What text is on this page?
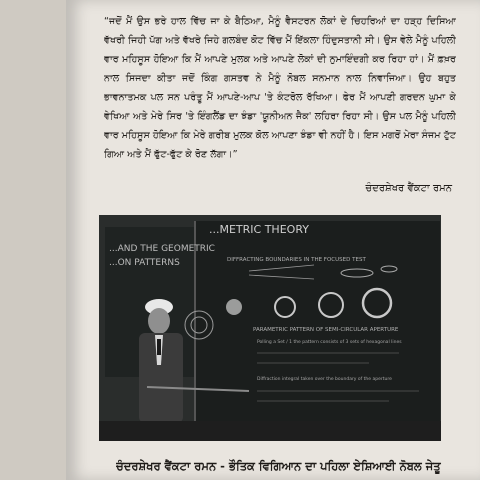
“ਜਦੋਂ ਮੈਂ ਉਸ ਭਰੇ ਹਾਲ ਵਿੱਚ ਜਾ ਕੇ ਬੈਠਿਆ, ਮੈਨੂੰ ਵੈਸਟਰਨ ਲੋਕਾਂ ਦੇ ਚਿਹਰਿਆਂ ਦਾ ਹੜ੍ਹ ਦਿਸਿਆ ਵੱਖਰੀ ਜਿਹੀ ਪੱਗ ਅਤੇ ਵੱਖਰੇ ਜਿਹੇ ਗਲਬੰਦ ਕੋਟ ਵਿੱਚ ਮੈਂ ਇੱਕਲਾ ਹਿੰਦੁਸਤਾਨੀ ਸੀ। ਉਸ ਵੇਲੇ ਮੈਨੂੰ ਪਹਿਲੀ ਵਾਰ ਮਹਿਸੂਸ ਹੋਇਆ ਕਿ ਮੈਂ ਆਪਣੇ ਮੁਲਕ ਅਤੇ ਆਪਣੇ ਲੋਕਾਂ ਦੀ ਨੁਮਾਇੰਦਗੀ ਕਰ ਰਿਹਾ ਹਾਂ। ਮੈਂ ਫ਼ਖ਼ਰ ਨਾਲ ਸਿਜਦਾ ਕੀਤਾ ਜਦੋਂ ਕਿੰਗ ਗਸਤਵ ਨੇ ਮੈਨੂੰ ਨੋਬਲ ਸਨਮਾਨ ਨਾਲ ਨਿਵਾਜਿਆ। ਉਹ ਬਹੁਤ ਭਾਵਨਾਤਮਕ ਪਲ ਸਨ ਪਰੰਤੂ ਮੈਂ ਆਪਣੇ-ਆਪ 'ਤੇ ਕੰਟਰੋਲ ਰੱਖਿਆ। ਫੇਰ ਮੈਂ ਆਪਣੀ ਗਰਦਨ ਘੁਮਾ ਕੇ ਵੇਖਿਆ ਅਤੇ ਮੇਰੇ ਸਿਰ 'ਤੇ ਇੰਗਲੈਂਡ ਦਾ ਝੰਡਾ 'ਯੂਨੀਅਨ ਜੈਕ' ਲਹਿਰਾ ਰਿਹਾ ਸੀ। ਉਸ ਪਲ ਮੈਨੂੰ ਪਹਿਲੀ ਵਾਰ ਮਹਿਸੂਸ ਹੋਇਆ ਕਿ ਮੇਰੇ ਗਰੀਬ ਮੁਲਕ ਕੋਲ ਆਪਣਾ ਝੰਡਾ ਵੀ ਨਹੀਂ ਹੈ। ਇਸ ਮਗਰੋਂ ਮੇਰਾ ਸੰਜਮ ਟੁੱਟ ਗਿਆ ਅਤੇ ਮੈਂ ਫੁੱਟ-ਫੁੱਟ ਕੇ ਰੋਣ ਲੱਗਾ।”

ਚੰਦਰਸ਼ੇਖਰ ਵੈਂਕਟਾ ਰਮਨ
...AND THE GEOMETRIC
...ON PATTERNS
...METRIC THEORY
DIFFRACTING BOUNDARIES IN THE FOCUSED TEST
PARAMETRIC PATTERN OF SEMI-CIRCULAR APERTURE
Polling a Set / 1 the pattern consists of 3 sets of hexagonal lines
Diffraction integral taken over the boundary of the aperture
ਚੰਦਰਸ਼ੇਖਰ ਵੈਂਕਟਾ ਰਮਨ - ਭੌਤਿਕ ਵਿਗਿਆਨ ਦਾ ਪਹਿਲਾ ਏਸ਼ਿਆਈ ਨੋਬਲ ਜੇਤੂ
